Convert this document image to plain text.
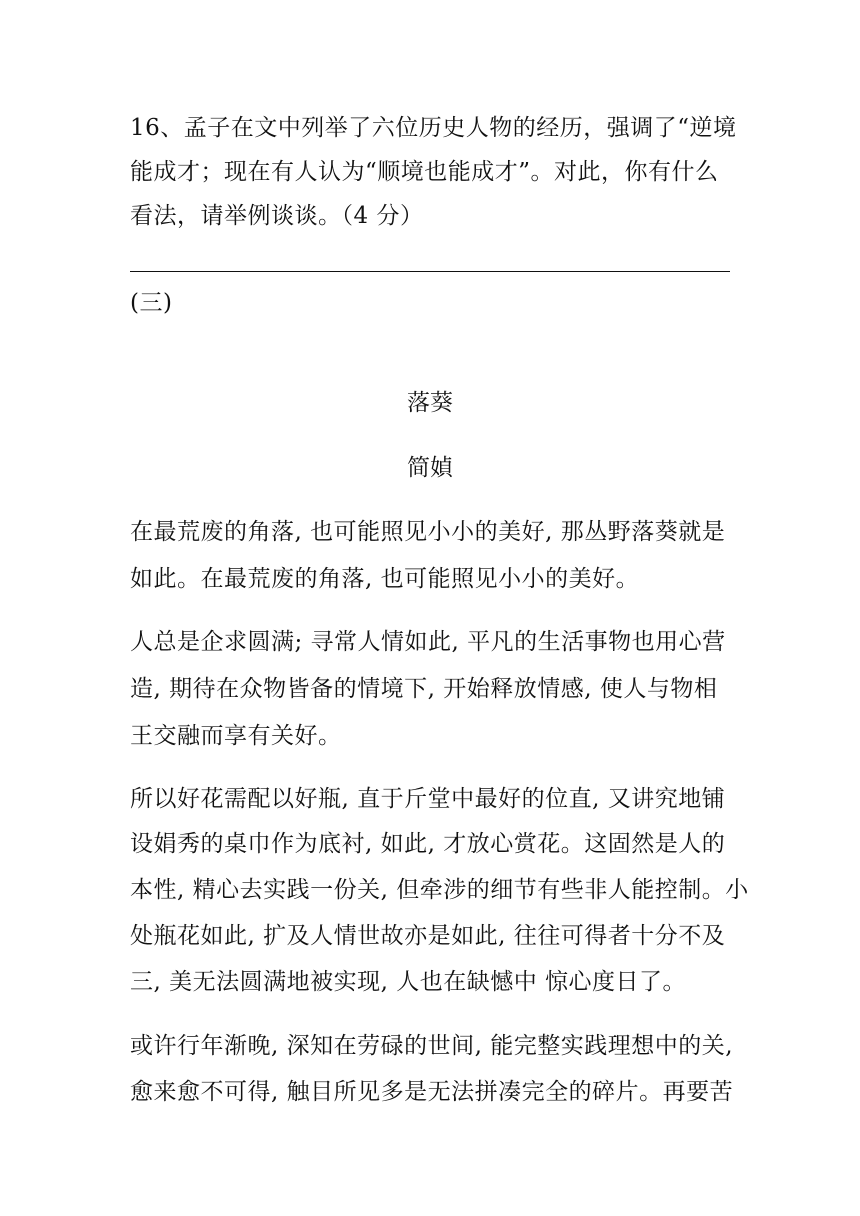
16、孟子在文中列举了六位历史人物的经历，强调了“逆境
能成才；现在有人认为“顺境也能成才”。对此，你有什么
看法，请举例谈谈。（4 分）
(三)
落葵
简媜
在最荒废的角落, 也可能照见小小的美好, 那丛野落葵就是
如此。在最荒废的角落, 也可能照见小小的美好。
人总是企求圆满; 寻常人情如此, 平凡的生活事物也用心营
造, 期待在众物皆备的情境下, 开始释放情感, 使人与物相
王交融而享有关好。
所以好花需配以好瓶, 直于斤堂中最好的位直, 又讲究地铺
设娟秀的桌巾作为底衬, 如此, 才放心赏花。这固然是人的
本性, 精心去实践一份关, 但牵涉的细节有些非人能控制。小
处瓶花如此, 扩及人情世故亦是如此, 往往可得者十分不及
三, 美无法圆满地被实现, 人也在缺憾中 惊心度日了。
或许行年渐晚, 深知在劳碌的世间, 能完整实践理想中的关,
愈来愈不可得, 触目所见多是无法拼凑完全的碎片。再要苦
